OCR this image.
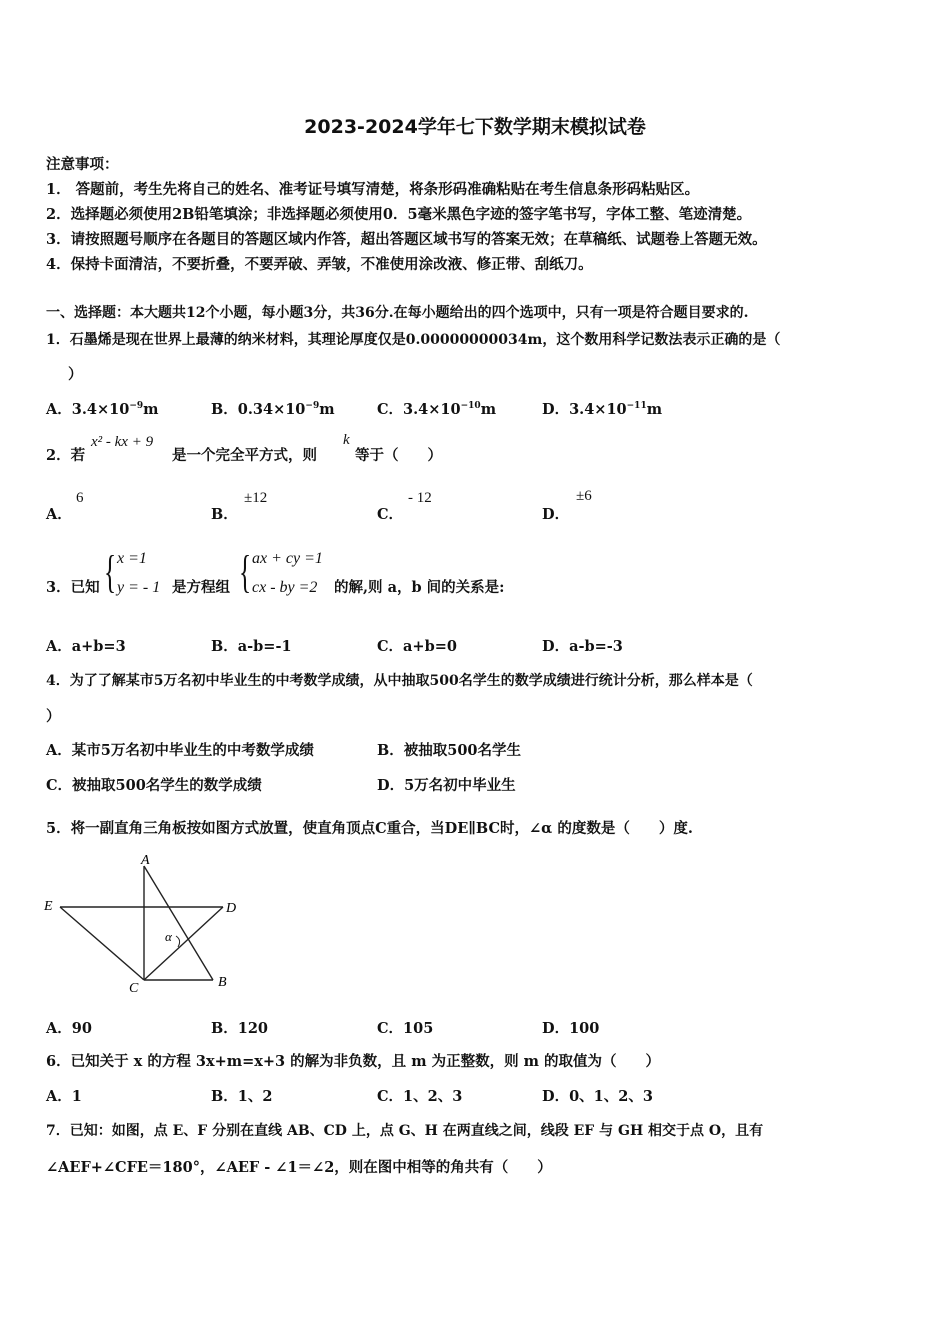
2023-2024学年七下数学期末模拟试卷
注意事项：
1． 答题前，考生先将自己的姓名、准考证号填写清楚，将条形码准确粘贴在考生信息条形码粘贴区。
2．选择题必须使用2B铅笔填涂；非选择题必须使用0．5毫米黑色字迹的签字笔书写，字体工整、笔迹清楚。
3．请按照题号顺序在各题目的答题区域内作答，超出答题区域书写的答案无效；在草稿纸、试题卷上答题无效。
4．保持卡面清洁，不要折叠，不要弄破、弄皱，不准使用涂改液、修正带、刮纸刀。
一、选择题：本大题共12个小题，每小题3分，共36分.在每小题给出的四个选项中，只有一项是符合题目要求的.
1．石墨烯是现在世界上最薄的纳米材料，其理论厚度仅是0.00000000034m，这个数用科学记数法表示正确的是（
）
A．$3.4\times 10^{-9}m$	B．$0.34\times 10^{-9}m$	C．$3.4\times 10^{-10}m$	D．$3.4\times 10^{-11}m$
2．若
x² - kx + 9
是一个完全平方式，则
k
等于（　　）
A．
6
B．
±12
C．
- 12
D．
±6
3．已知 { x =1
y = - 1 是方程组 { ax + cy =1
cx - by =2 的解,则 a，b 间的关系是:
A．a+b=3	B．a-b=-1	C．a+b=0	D．a-b=-3
4．为了了解某市5万名初中毕业生的中考数学成绩，从中抽取500名学生的数学成绩进行统计分析，那么样本是（
）
A．某市5万名初中毕业生的中考数学成绩	B．被抽取500名学生
C．被抽取500名学生的数学成绩	D．5万名初中毕业生
5．将一副直角三角板按如图方式放置，使直角顶点C重合，当DE∥BC时，∠α 的度数是（　　）度.
A
E	D
C	B
α
A．90	B．120	C．105	D．100
6．已知关于 x 的方程 3x+m=x+3 的解为非负数，且 m 为正整数，则 m 的取值为（　　）
A．1	B．1、2	C．1、2、3	D．0、1、2、3
7．已知：如图，点 E、F 分别在直线 AB、CD 上，点 G、H 在两直线之间，线段 EF 与 GH 相交于点 O，且有
∠AEF+∠CFE＝180°，∠AEF - ∠1＝∠2，则在图中相等的角共有（　　）
